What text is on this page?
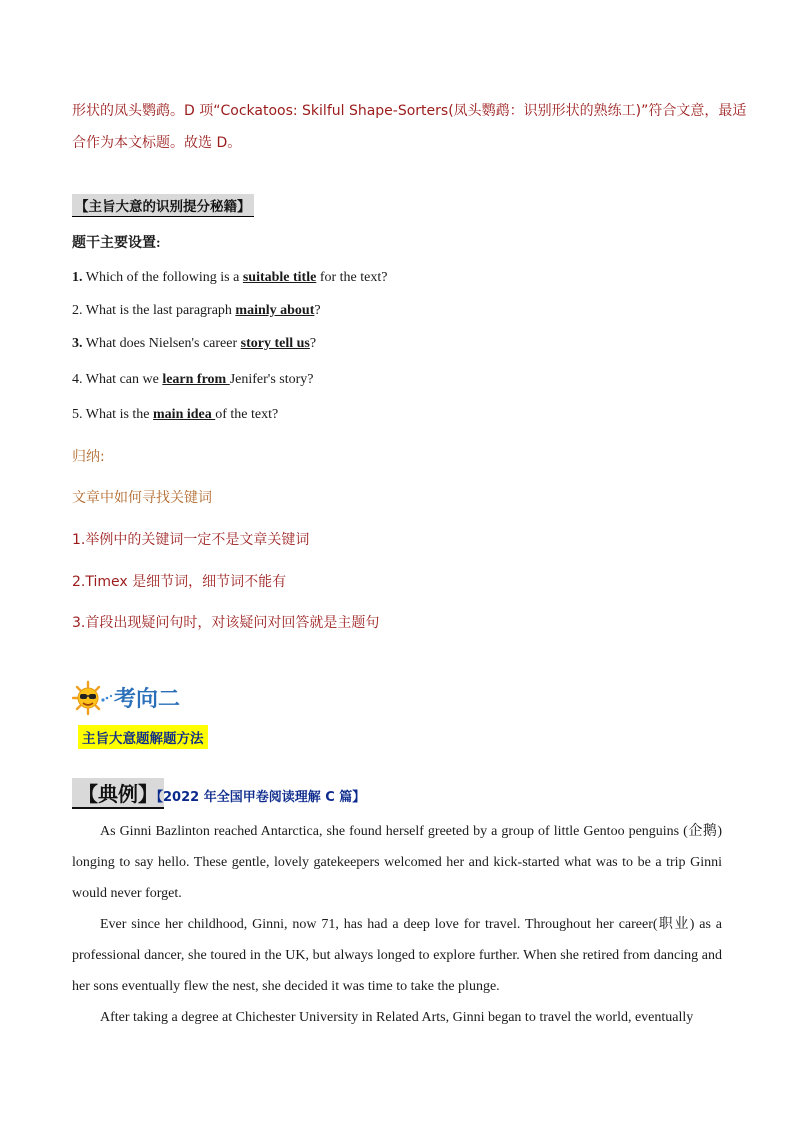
形状的凤头鹦鹉。D 项“Cockatoos: Skilful Shape-Sorters(凤头鹦鹉：识别形状的熟练工)”符合文意，最适
合作为本文标题。故选 D。
【主旨大意的识别提分秘籍】
题干主要设置:
1. Which of the following is a suitable title for the text?
2. What is the last paragraph mainly about?
3. What does Nielsen's career story tell us?
4. What can we learn from Jenifer's story?
5. What is the main idea of the text?
归纳:
文章中如何寻找关键词
1.举例中的关键词一定不是文章关键词
2.Timex 是细节词，细节词不能有
3.首段出现疑问句时，对该疑问对回答就是主题句
考向二
主旨大意题解题方法
【典例】
【2022 年全国甲卷阅读理解 C 篇】

As Ginni Bazlinton reached Antarctica, she found herself greeted by a group of little Gentoo penguins (企鹅) longing to say hello. These gentle, lovely gatekeepers welcomed her and kick-started what was to be a trip Ginni would never forget.

Ever since her childhood, Ginni, now 71, has had a deep love for travel. Throughout her career(职业) as a professional dancer, she toured in the UK, but always longed to explore further. When she retired from dancing and her sons eventually flew the nest, she decided it was time to take the plunge.

After taking a degree at Chichester University in Related Arts, Ginni began to travel the world, eventually
